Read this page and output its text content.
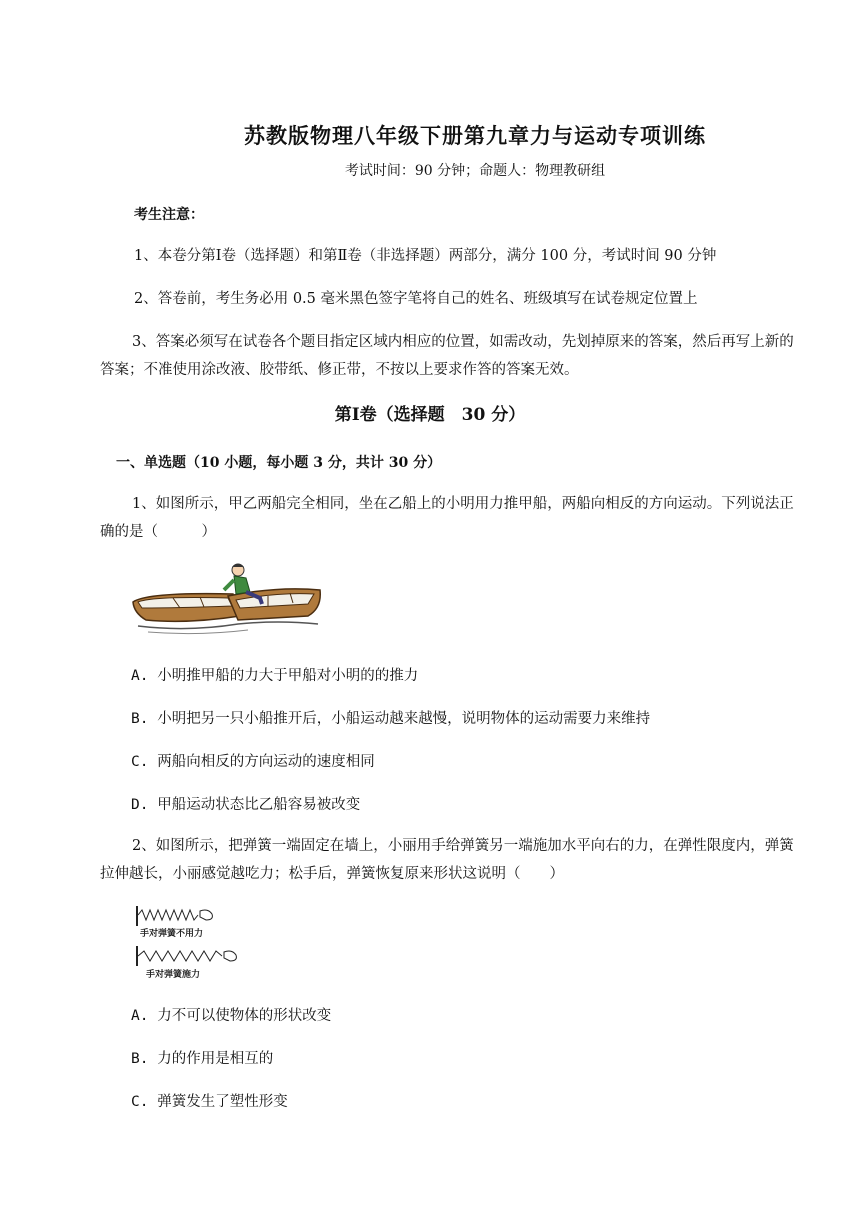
苏教版物理八年级下册第九章力与运动专项训练
考试时间：90 分钟；命题人：物理教研组
考生注意：
1、本卷分第Ⅰ卷（选择题）和第Ⅱ卷（非选择题）两部分，满分 100 分，考试时间 90 分钟
2、答卷前，考生务必用 0.5 毫米黑色签字笔将自己的姓名、班级填写在试卷规定位置上
3、答案必须写在试卷各个题目指定区域内相应的位置，如需改动，先划掉原来的答案，然后再写上新的答案；不准使用涂改液、胶带纸、修正带，不按以上要求作答的答案无效。
第Ⅰ卷（选择题　30 分）
一、单选题（10 小题，每小题 3 分，共计 30 分）
1、如图所示，甲乙两船完全相同，坐在乙船上的小明用力推甲船，两船向相反的方向运动。下列说法正确的是（　　　）
A. 小明推甲船的力大于甲船对小明的的推力
B. 小明把另一只小船推开后，小船运动越来越慢，说明物体的运动需要力来维持
C. 两船向相反的方向运动的速度相同
D. 甲船运动状态比乙船容易被改变
2、如图所示，把弹簧一端固定在墙上，小丽用手给弹簧另一端施加水平向右的力，在弹性限度内，弹簧拉伸越长，小丽感觉越吃力；松手后，弹簧恢复原来形状这说明（　　）
手对弹簧不用力
手对弹簧施力
A. 力不可以使物体的形状改变
B. 力的作用是相互的
C. 弹簧发生了塑性形变
